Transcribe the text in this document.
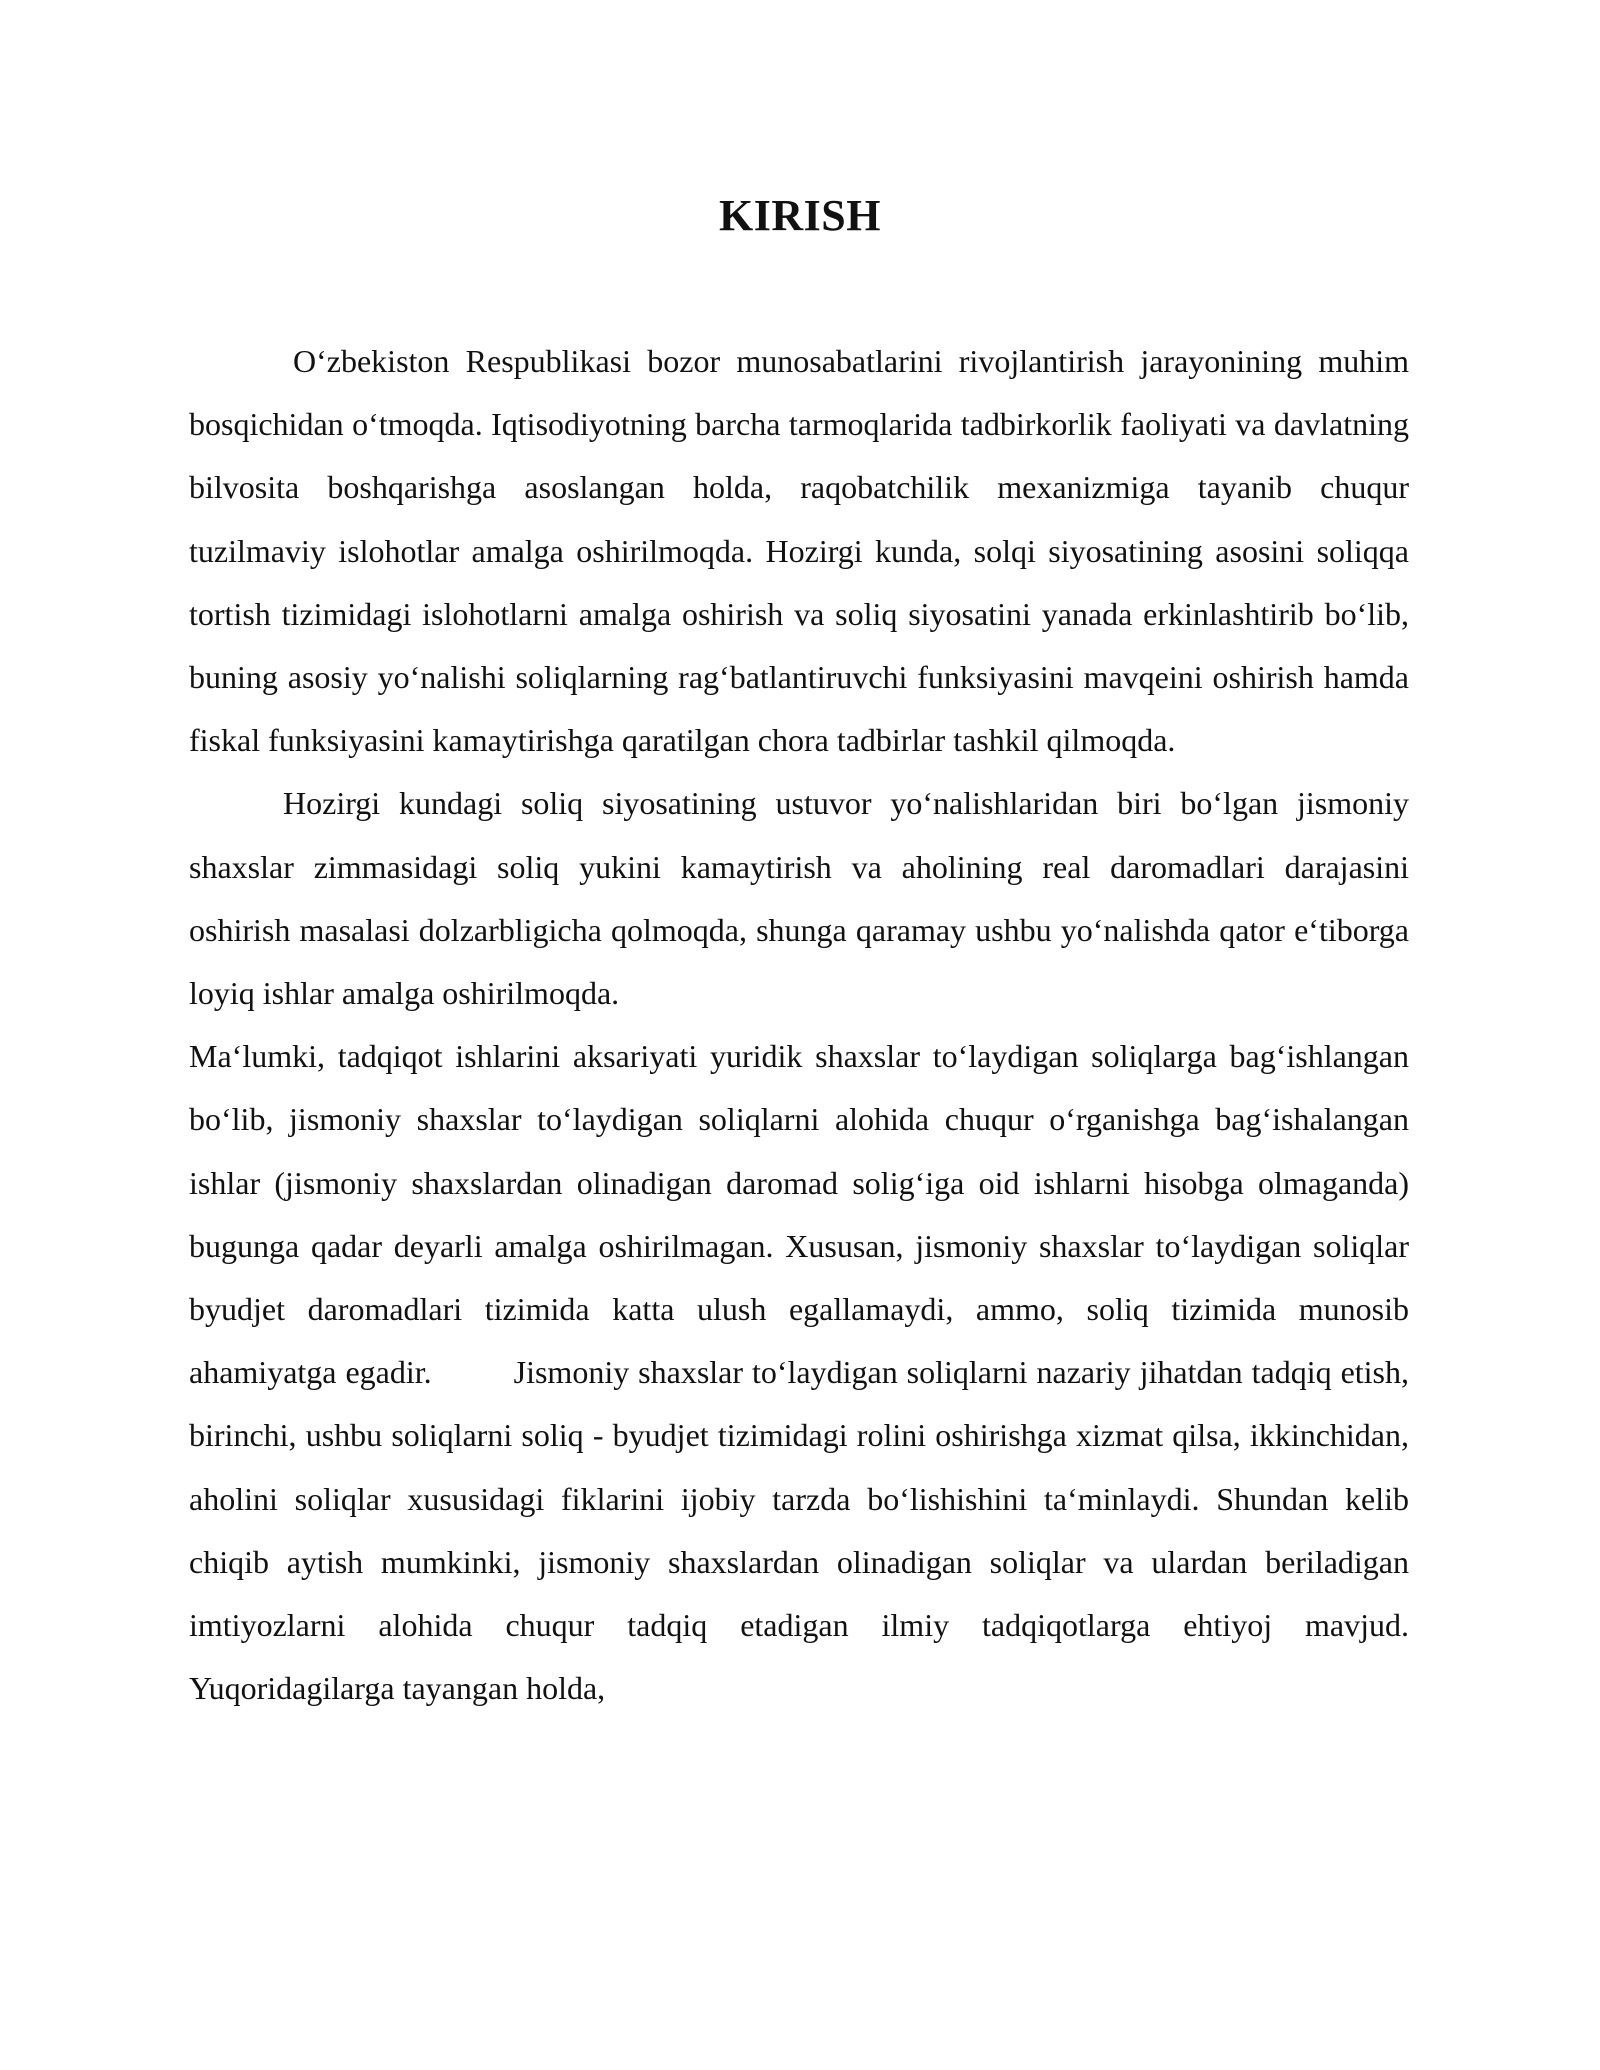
KIRISH

O‘zbekiston Respublikasi bozor munosabatlarini rivojlantirish jarayonining muhim bosqichidan o‘tmoqda. Iqtisodiyotning barcha tarmoqlarida tadbirkorlik faoliyati va davlatning bilvosita boshqarishga asoslangan holda, raqobatchilik mexanizmiga tayanib chuqur tuzilmaviy islohotlar amalga oshirilmoqda. Hozirgi kunda, solqi siyosatining asosini soliqqa tortish tizimidagi islohotlarni amalga oshirish va soliq siyosatini yanada erkinlashtirib bo‘lib, buning asosiy yo‘nalishi soliqlarning rag‘batlantiruvchi funksiyasini mavqeini oshirish hamda fiskal funksiyasini kamaytirishga qaratilgan chora tadbirlar tashkil qilmoqda.

Hozirgi kundagi soliq siyosatining ustuvor yo‘nalishlaridan biri bo‘lgan jismoniy shaxslar zimmasidagi soliq yukini kamaytirish va aholining real daromadlari darajasini oshirish masalasi dolzarbligicha qolmoqda, shunga qaramay ushbu yo‘nalishda qator e‘tiborga loyiq ishlar amalga oshirilmoqda.

Ma‘lumki, tadqiqot ishlarini aksariyati yuridik shaxslar to‘laydigan soliqlarga bag‘ishlangan bo‘lib, jismoniy shaxslar to‘laydigan soliqlarni alohida chuqur o‘rganishga bag‘ishalangan ishlar (jismoniy shaxslardan olinadigan daromad solig‘iga oid ishlarni hisobga olmaganda) bugunga qadar deyarli amalga oshirilmagan. Xususan, jismoniy shaxslar to‘laydigan soliqlar byudjet daromadlari tizimida katta ulush egallamaydi, ammo, soliq tizimida munosib ahamiyatga egadir.	Jismoniy shaxslar to‘laydigan soliqlarni nazariy jihatdan tadqiq etish, birinchi, ushbu soliqlarni soliq - byudjet tizimidagi rolini oshirishga xizmat qilsa, ikkinchidan, aholini soliqlar xususidagi fiklarini ijobiy tarzda bo‘lishishini ta‘minlaydi. Shundan kelib chiqib aytish mumkinki, jismoniy shaxslardan olinadigan soliqlar va ulardan beriladigan imtiyozlarni alohida chuqur tadqiq etadigan ilmiy tadqiqotlarga ehtiyoj mavjud. Yuqoridagilarga tayangan holda,
